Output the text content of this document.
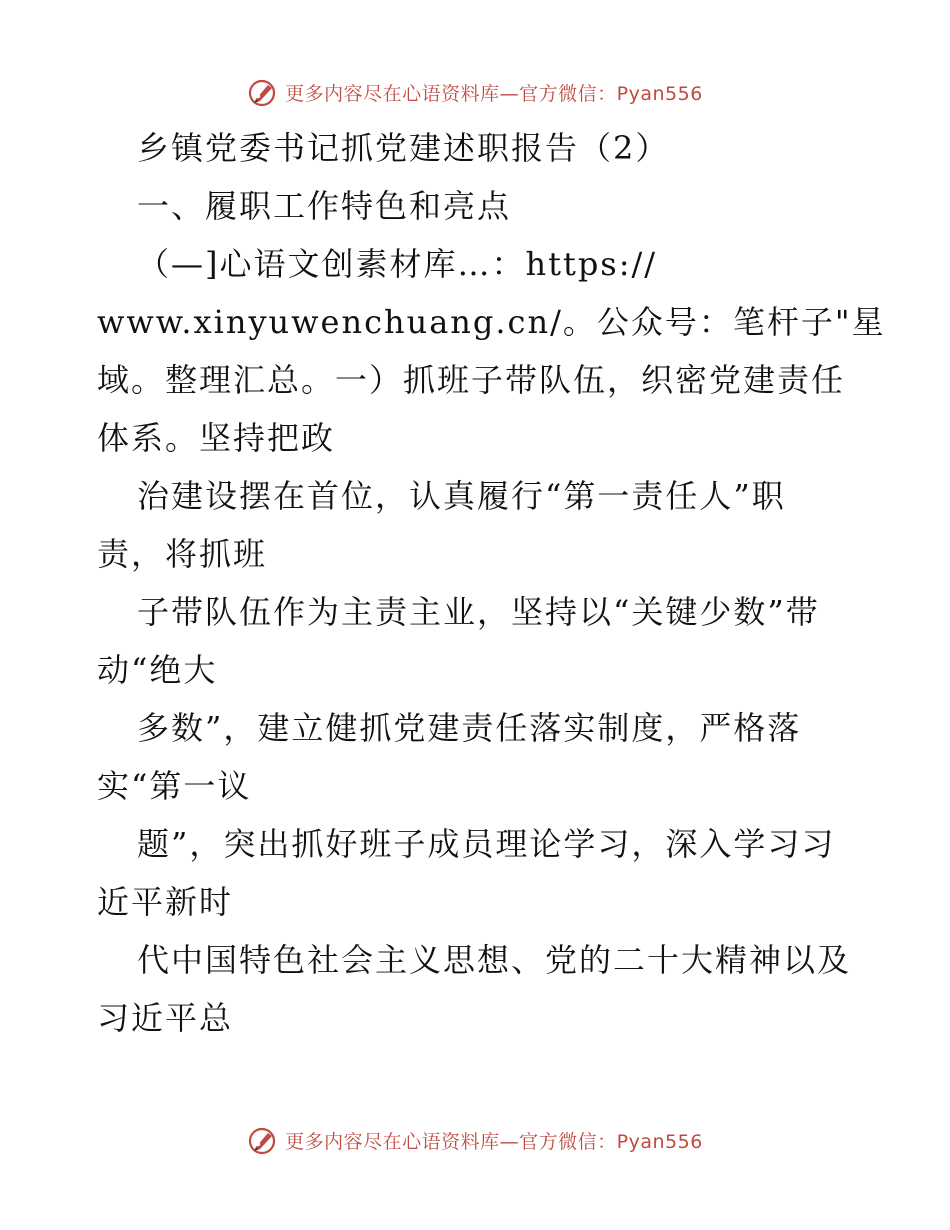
更多内容尽在心语资料库—官方微信：Pyan556
乡镇党委书记抓党建述职报告（2）
一、履职工作特色和亮点
（—]心语文创素材库…：https://
www.xinyuwenchuang.cn/。公众号：笔杆子"星
域。整理汇总。一）抓班子带队伍，织密党建责任
体系。坚持把政
治建设摆在首位，认真履行“第一责任人”职
责，将抓班
子带队伍作为主责主业，坚持以“关键少数”带
动“绝大
多数”，建立健抓党建责任落实制度，严格落
实“第一议
题”，突出抓好班子成员理论学习，深入学习习
近平新时
代中国特色社会主义思想、党的二十大精神以及
习近平总
更多内容尽在心语资料库—官方微信：Pyan556
